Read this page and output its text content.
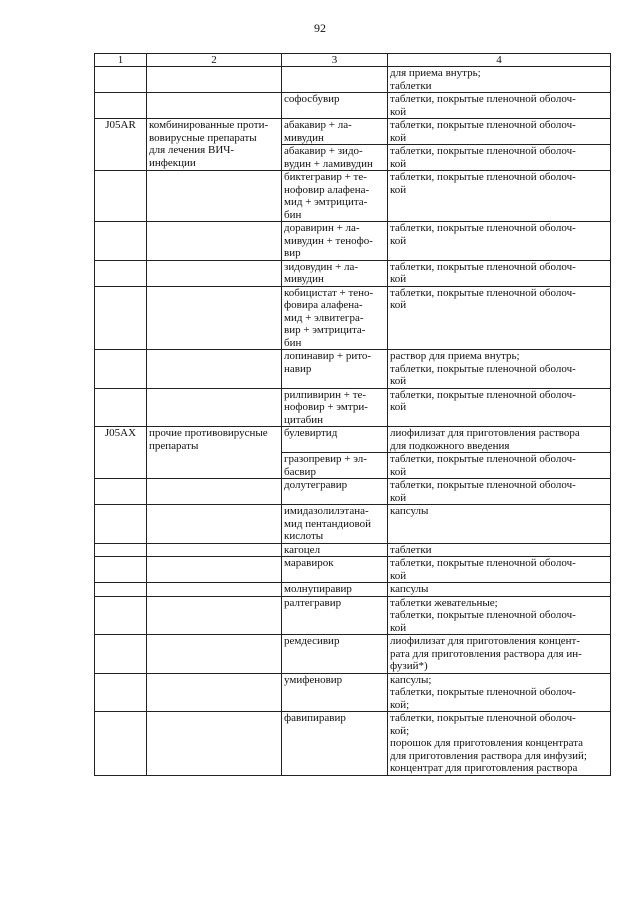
92
1	2	3	4

			для приема внутрь;
таблетки

		софосбувир	таблетки, покрытые пленочной оболоч-
кой

J05AR	комбинированные проти-
вовирусные препараты
для лечения ВИЧ-
инфекции	абакавир + ла-
мивудин	таблетки, покрытые пленочной оболоч-
кой

		абакавир + зидо-
вудин + ламивудин	таблетки, покрытые пленочной оболоч-
кой

		биктегравир + те-
нофовир алафена-
мид + эмтрицита-
бин	таблетки, покрытые пленочной оболоч-
кой

		доравирин + ла-
мивудин + тенофо-
вир	таблетки, покрытые пленочной оболоч-
кой

		зидовудин + ла-
мивудин	таблетки, покрытые пленочной оболоч-
кой

		кобицистат + тено-
фовира алафена-
мид + элвитегра-
вир + эмтрицита-
бин	таблетки, покрытые пленочной оболоч-
кой

		лопинавир + рито-
навир	раствор для приема внутрь;
таблетки, покрытые пленочной оболоч-
кой

		рилпивирин + те-
нофовир + эмтри-
цитабин	таблетки, покрытые пленочной оболоч-
кой

J05AX	прочие противовирусные
препараты	булевиртид	лиофилизат для приготовления раствора
для подкожного введения

		гразопревир + эл-
басвир	таблетки, покрытые пленочной оболоч-
кой

		долутегравир	таблетки, покрытые пленочной оболоч-
кой

		имидазолилэтана-
мид пентандиовой
кислоты	капсулы

		кагоцел	таблетки

		маравирок	таблетки, покрытые пленочной оболоч-
кой

		молнупиравир	капсулы

		ралтегравир	таблетки жевательные;
таблетки, покрытые пленочной оболоч-
кой

		ремдесивир	лиофилизат для приготовления концент-
рата для приготовления раствора для ин-
фузий*)

		умифеновир	капсулы;
таблетки, покрытые пленочной оболоч-
кой;

		фавипиравир	таблетки, покрытые пленочной оболоч-
кой;
порошок для приготовления концентрата
для приготовления раствора для инфузий;
концентрат для приготовления раствора
